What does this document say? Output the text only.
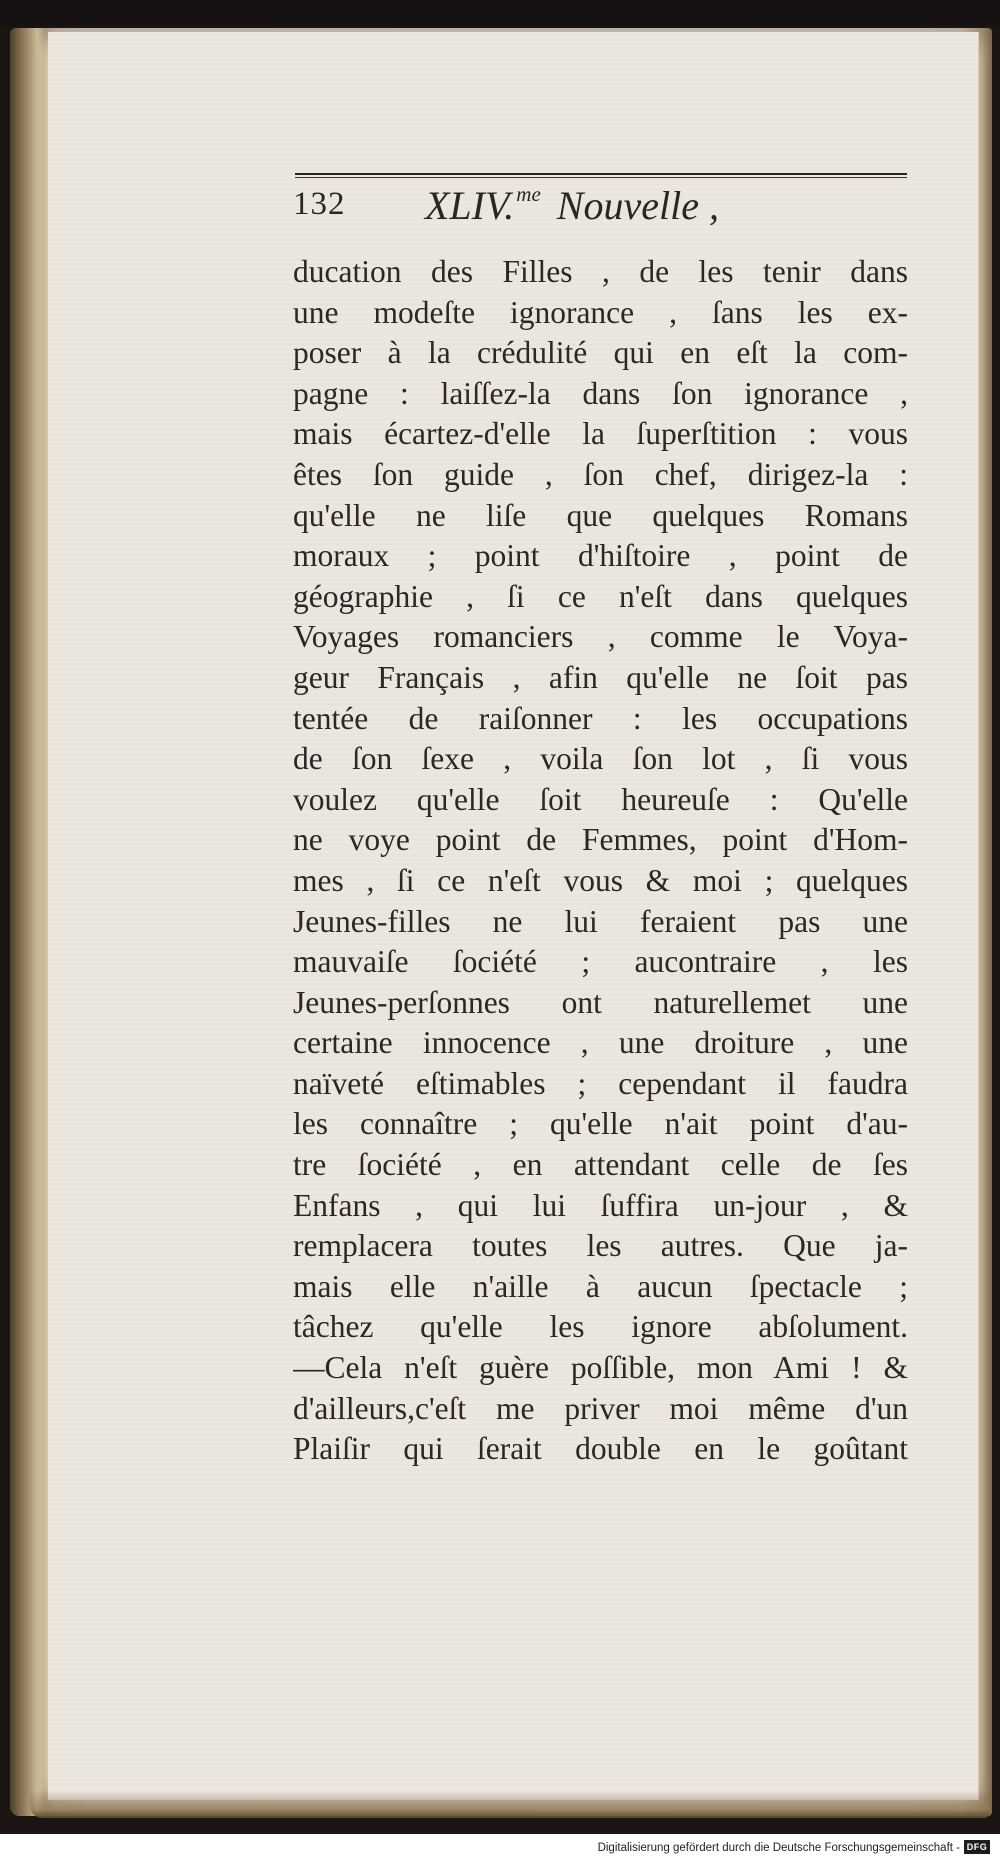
132 XLIV.$^{me}$ Nouvelle ,
ducation des Filles , de les tenir dans
une modeſte ignorance , ſans les ex-
poser à la crédulité qui en eſt la com-
pagne : laiſſez-la dans ſon ignorance ,
mais écartez-d'elle la ſuperſtition : vous
êtes ſon guide , ſon chef, dirigez-la :
qu'elle ne liſe que quelques Romans
moraux ; point d'hiſtoire , point de
géographie , ſi ce n'eſt dans quelques
Voyages romanciers , comme le Voya-
geur Français , afin qu'elle ne ſoit pas
tentée de raiſonner : les occupations
de ſon ſexe , voila ſon lot , ſi vous
voulez qu'elle ſoit heureuſe : Qu'elle
ne voye point de Femmes, point d'Hom-
mes , ſi ce n'eſt vous & moi ; quelques
Jeunes-filles ne lui feraient pas une
mauvaiſe ſociété ; aucontraire , les
Jeunes-perſonnes ont naturellemet une
certaine innocence , une droiture , une
naïveté eſtimables ; cependant il faudra
les connaître ; qu'elle n'ait point d'au-
tre ſociété , en attendant celle de ſes
Enfans , qui lui ſuffira un-jour , &
remplacera toutes les autres. Que ja-
mais elle n'aille à aucun ſpectacle ;
tâchez qu'elle les ignore abſolument.
—Cela n'eſt guère poſſible, mon Ami ! &
d'ailleurs,c'eſt me priver moi même d'un
Plaiſir qui ſerait double en le goûtant
Digitalisierung gefördert durch die Deutsche Forschungsgemeinschaft - DFG
